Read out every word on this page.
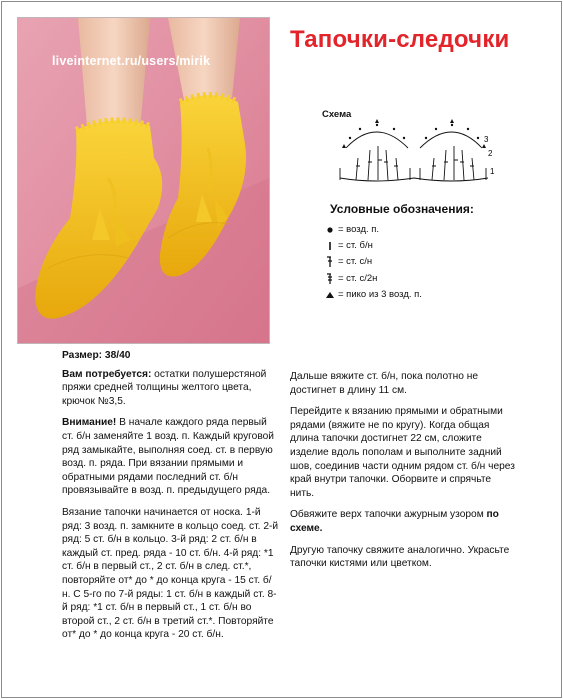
liveinternet.ru/users/mirik
Тапочки-следочки
Схема
3
2
1
Условные обозначения:
= возд. п.
= ст. б/н
= ст. с/н
= ст. с/2н
= пико из 3 возд. п.

Размер: 38/40

Вам потребуется: остатки полушерстяной пряжи средней толщины желтого цвета, крючок №3,5.

Внимание! В начале каждого ряда первый ст. б/н заменяйте 1 возд. п. Каждый круговой ряд замыкайте, выполняя соед. ст. в первую возд. п. ряда. При вязании прямыми и обратными рядами последний ст. б/н провязывайте в возд. п. предыдущего ряда.

Вязание тапочки начинается от носка. 1-й ряд: 3 возд. п. замкните в кольцо соед. ст. 2-й ряд: 5 ст. б/н в кольцо. 3-й ряд: 2 ст. б/н в каждый ст. пред. ряда - 10 ст. б/н. 4-й ряд: *1 ст. б/н в первый ст., 2 ст. б/н в след. ст.*, повторяйте от* до * до конца круга - 15 ст. б/н. С 5-го по 7-й ряды: 1 ст. б/н в каждый ст. 8-й ряд: *1 ст. б/н в первый ст., 1 ст. б/н во второй ст., 2 ст. б/н в третий ст.*. Повторяйте от* до * до конца круга - 20 ст. б/н.

Дальше вяжите ст. б/н, пока полотно не достигнет в длину 11 см.

Перейдите к вязанию прямыми и обратными рядами (вяжите не по кругу). Когда общая длина тапочки достигнет 22 см, сложите изделие вдоль пополам и выполните задний шов, соединив части одним рядом ст. б/н через край внутри тапочки. Оборвите и спрячьте нить.

Обвяжите верх тапочки ажурным узором по схеме.

Другую тапочку свяжите аналогично. Украсьте тапочки кистями или цветком.
